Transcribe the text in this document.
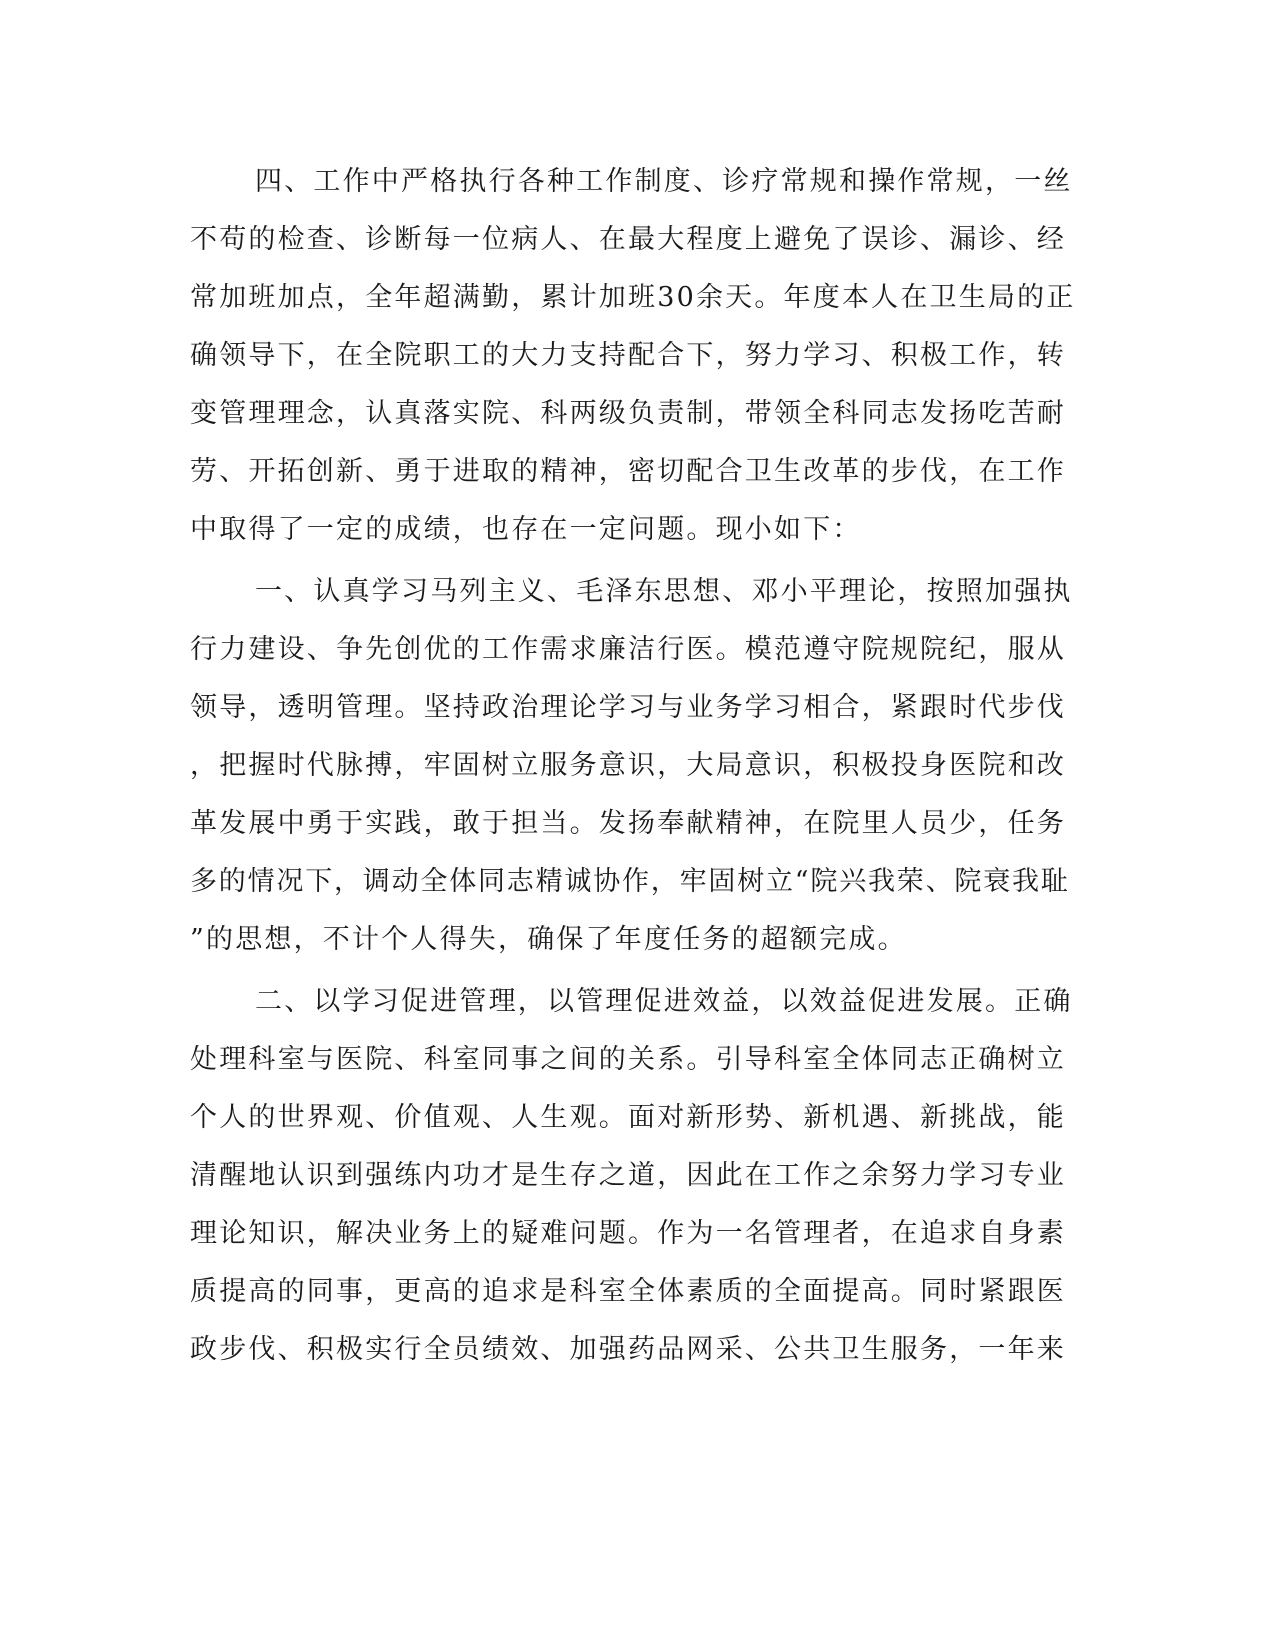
四、工作中严格执行各种工作制度、诊疗常规和操作常规，一丝
不苟的检查、诊断每一位病人、在最大程度上避免了误诊、漏诊、经
常加班加点，全年超满勤，累计加班30余天。年度本人在卫生局的正
确领导下，在全院职工的大力支持配合下，努力学习、积极工作，转
变管理理念，认真落实院、科两级负责制，带领全科同志发扬吃苦耐
劳、开拓创新、勇于进取的精神，密切配合卫生改革的步伐，在工作
中取得了一定的成绩，也存在一定问题。现小如下：
一、认真学习马列主义、毛泽东思想、邓小平理论，按照加强执
行力建设、争先创优的工作需求廉洁行医。模范遵守院规院纪，服从
领导，透明管理。坚持政治理论学习与业务学习相合，紧跟时代步伐
，把握时代脉搏，牢固树立服务意识，大局意识，积极投身医院和改
革发展中勇于实践，敢于担当。发扬奉献精神，在院里人员少，任务
多的情况下，调动全体同志精诚协作，牢固树立“院兴我荣、院衰我耻
”的思想，不计个人得失，确保了年度任务的超额完成。
二、以学习促进管理，以管理促进效益，以效益促进发展。正确
处理科室与医院、科室同事之间的关系。引导科室全体同志正确树立
个人的世界观、价值观、人生观。面对新形势、新机遇、新挑战，能
清醒地认识到强练内功才是生存之道，因此在工作之余努力学习专业
理论知识，解决业务上的疑难问题。作为一名管理者，在追求自身素
质提高的同事，更高的追求是科室全体素质的全面提高。同时紧跟医
政步伐、积极实行全员绩效、加强药品网采、公共卫生服务，一年来
